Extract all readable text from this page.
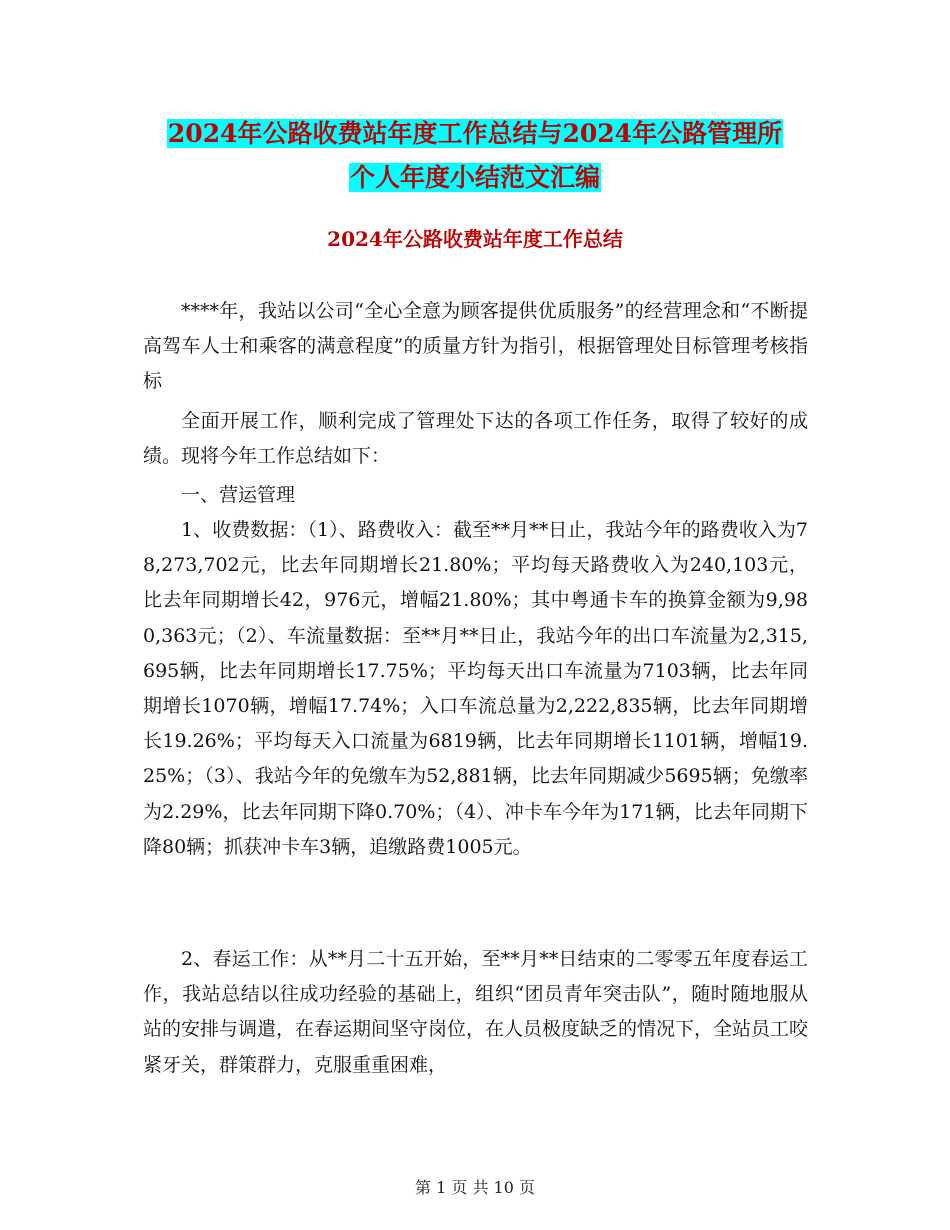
2024年公路收费站年度工作总结与2024年公路管理所
个人年度小结范文汇编
2024年公路收费站年度工作总结

****年，我站以公司“全心全意为顾客提供优质服务”的经营理念和“不断提高驾车人士和乘客的满意程度”的质量方针为指引，根据管理处目标管理考核指标

全面开展工作，顺利完成了管理处下达的各项工作任务，取得了较好的成绩。现将今年工作总结如下：

一、营运管理

1、收费数据：（1）、路费收入：截至**月**日止，我站今年的路费收入为78,273,702元，比去年同期增长21.80%；平均每天路费收入为240,103元，比去年同期增长42，976元，增幅21.80%；其中粤通卡车的换算金额为9,980,363元；（2）、车流量数据：至**月**日止，我站今年的出口车流量为2,315,695辆，比去年同期增长17.75%；平均每天出口车流量为7103辆，比去年同期增长1070辆，增幅17.74%；入口车流总量为2,222,835辆，比去年同期增长19.26%；平均每天入口流量为6819辆，比去年同期增长1101辆，增幅19.25%；（3）、我站今年的免缴车为52,881辆，比去年同期减少5695辆；免缴率为2.29%，比去年同期下降0.70%；（4）、冲卡车今年为171辆，比去年同期下降80辆；抓获冲卡车3辆，追缴路费1005元。

2、春运工作：从**月二十五开始，至**月**日结束的二零零五年度春运工作，我站总结以往成功经验的基础上，组织“团员青年突击队”，随时随地服从站的安排与调遣，在春运期间坚守岗位，在人员极度缺乏的情况下，全站员工咬紧牙关，群策群力，克服重重困难，

第 1 页 共 10 页
